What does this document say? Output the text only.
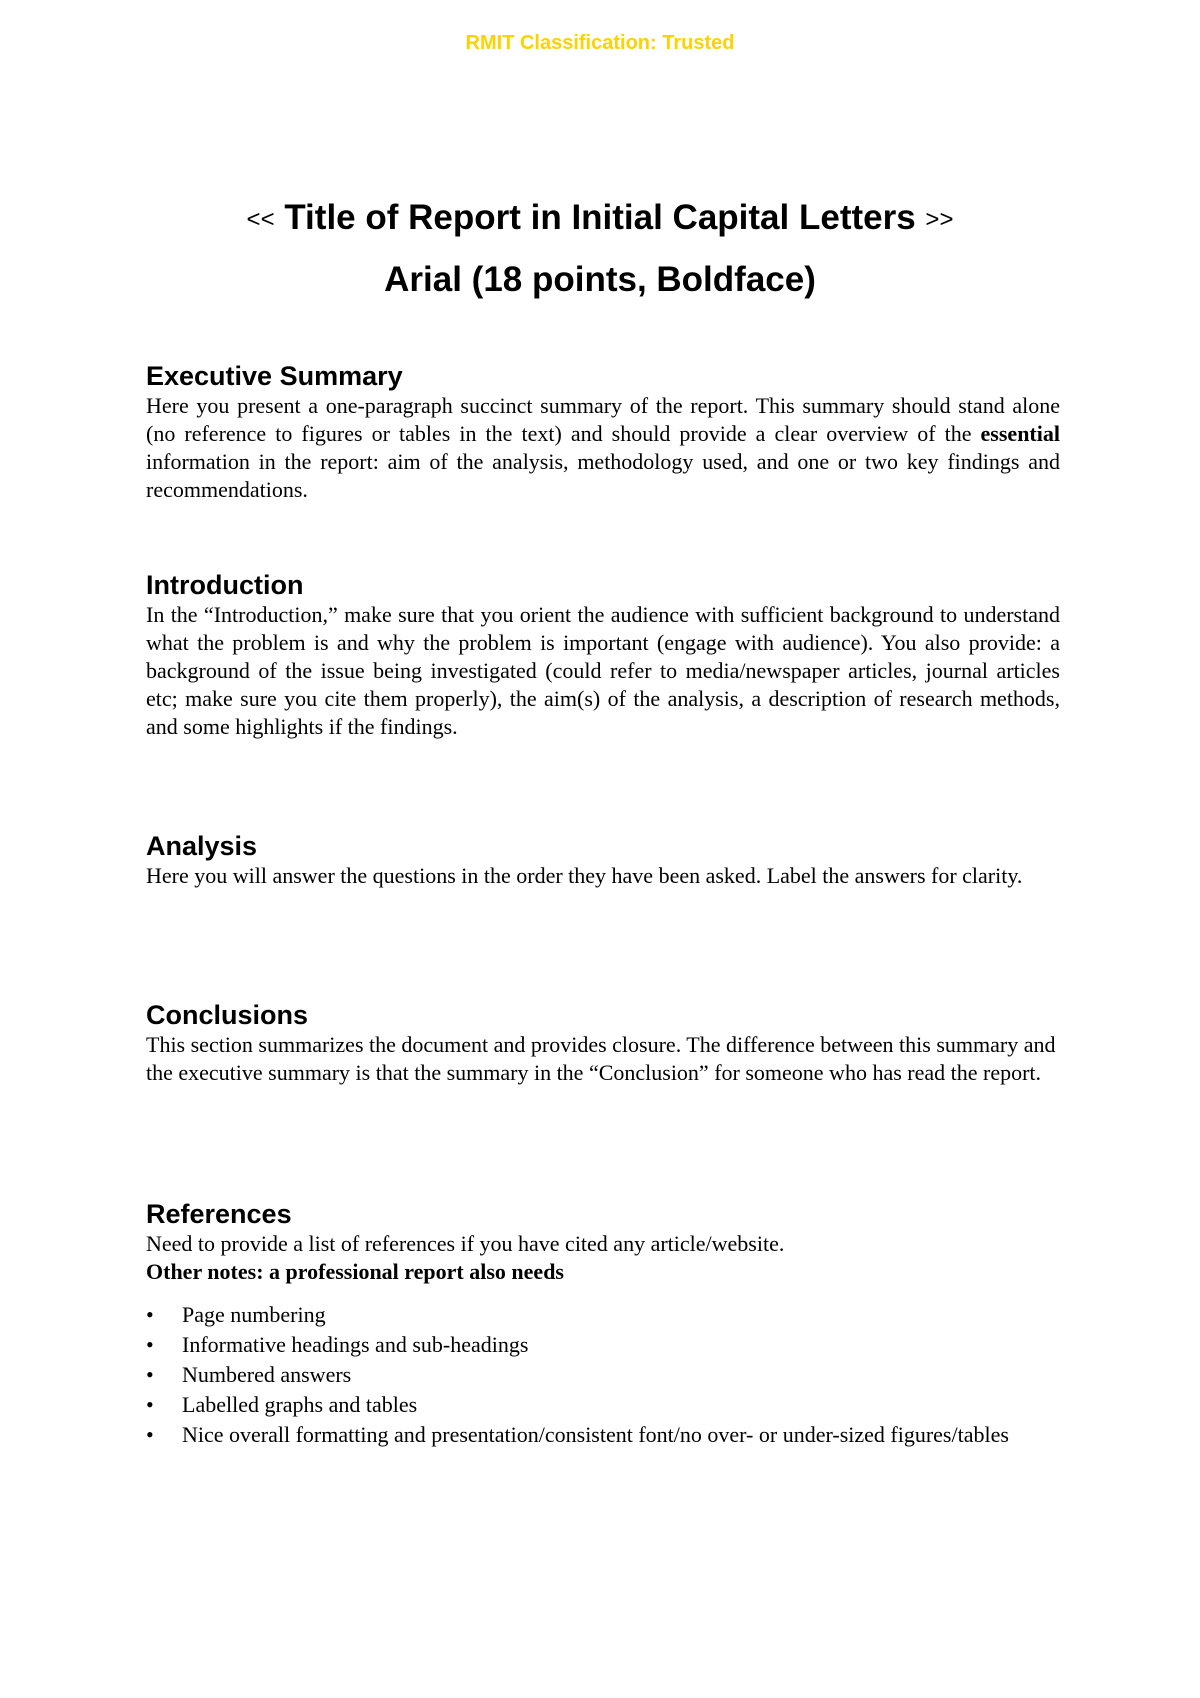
RMIT Classification: Trusted

<< Title of Report in Initial Capital Letters >>

Arial (18 points, Boldface)

Executive Summary

Here you present a one-paragraph succinct summary of the report. This summary should stand alone (no reference to figures or tables in the text) and should provide a clear overview of the essential information in the report: aim of the analysis, methodology used, and one or two key findings and recommendations.

Introduction

In the “Introduction,” make sure that you orient the audience with sufficient background to understand what the problem is and why the problem is important (engage with audience). You also provide: a background of the issue being investigated (could refer to media/newspaper articles, journal articles etc; make sure you cite them properly), the aim(s) of the analysis, a description of research methods, and some highlights if the findings.

Analysis

Here you will answer the questions in the order they have been asked. Label the answers for clarity.

Conclusions

This section summarizes the document and provides closure. The difference between this summary and the executive summary is that the summary in the “Conclusion” for someone who has read the report.

References

Need to provide a list of references if you have cited any article/website.

Other notes: a professional report also needs

•	Page numbering
•	Informative headings and sub-headings
•	Numbered answers
•	Labelled graphs and tables
•	Nice overall formatting and presentation/consistent font/no over- or under-sized figures/tables
